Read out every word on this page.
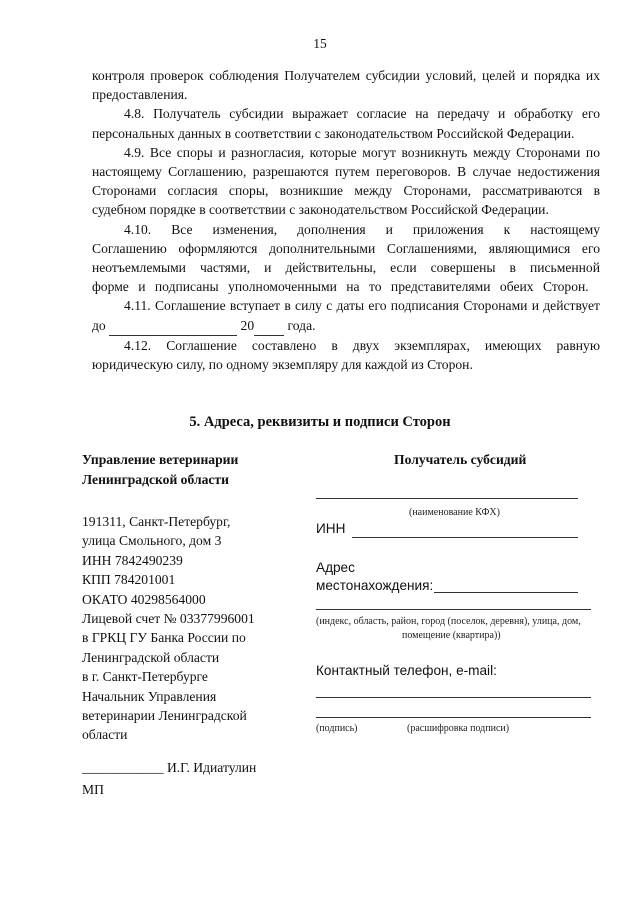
15

контроля проверок соблюдения Получателем субсидии условий, целей и порядка их предоставления.

4.8. Получатель субсидии выражает согласие на передачу и обработку его персональных данных в соответствии с законодательством Российской Федерации.

4.9. Все споры и разногласия, которые могут возникнуть между Сторонами по настоящему Соглашению, разрешаются путем переговоров. В случае недостижения Сторонами согласия споры, возникшие между Сторонами, рассматриваются в судебном порядке в соответствии с законодательством Российской Федерации.

4.10. Все изменения, дополнения и приложения к настоящему Соглашению оформляются дополнительными Соглашениями, являющимися его неотъемлемыми частями, и действительны, если совершены в письменной форме и подписаны уполномоченными на то представителями обеих Сторон.

4.11. Соглашение вступает в силу с даты его подписания Сторонами и действует до	20 года.

4.12. Соглашение составлено в двух экземплярах, имеющих равную юридическую силу, по одному экземпляру для каждой из Сторон.

5. Адреса, реквизиты и подписи Сторон
Управление ветеринарии
Ленинградской области
191311, Санкт-Петербург,
улица Смольного, дом 3
ИНН 7842490239
КПП 784201001
ОКАТО 40298564000
Лицевой счет № 03377996001
в ГРКЦ ГУ Банка России по
Ленинградской области
в г. Санкт-Петербурге
Начальник Управления
ветеринарии Ленинградской
области
____________ И.Г. Идиатулин
МП
Получатель субсидий
(наименование КФХ)
ИНН
Адрес
местонахождения:
(индекс, область, район, город (поселок, деревня), улица, дом,
помещение (квартира))
Контактный телефон, e-mail:
(подпись)	(расшифровка подписи)
